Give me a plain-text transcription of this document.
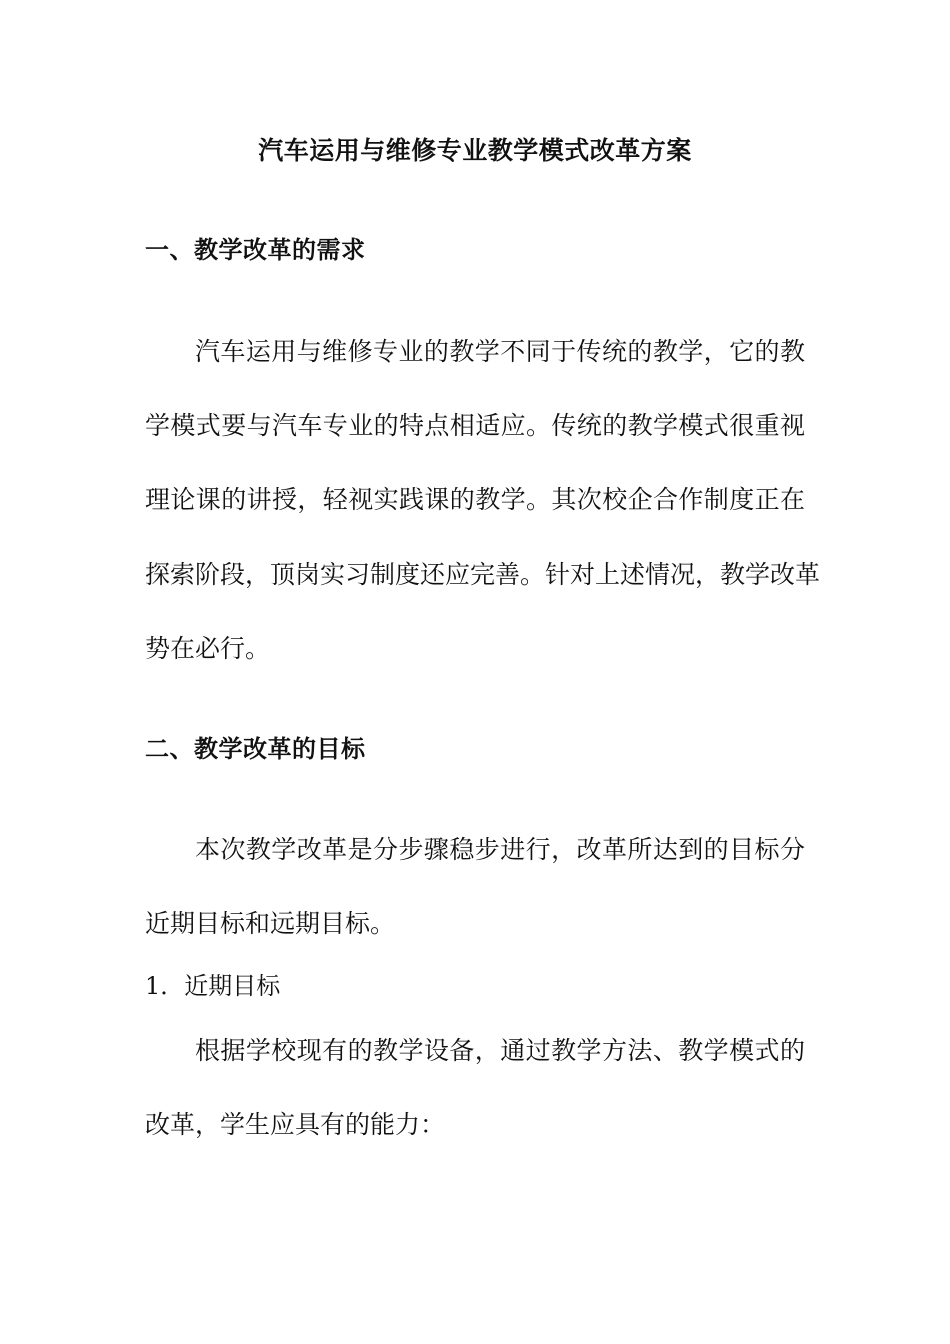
汽车运用与维修专业教学模式改革方案
一、教学改革的需求
汽车运用与维修专业的教学不同于传统的教学，它的教
学模式要与汽车专业的特点相适应。传统的教学模式很重视
理论课的讲授，轻视实践课的教学。其次校企合作制度正在
探索阶段，顶岗实习制度还应完善。针对上述情况，教学改革
势在必行。
二、教学改革的目标
本次教学改革是分步骤稳步进行，改革所达到的目标分
近期目标和远期目标。
1．近期目标
根据学校现有的教学设备，通过教学方法、教学模式的
改革，学生应具有的能力：
